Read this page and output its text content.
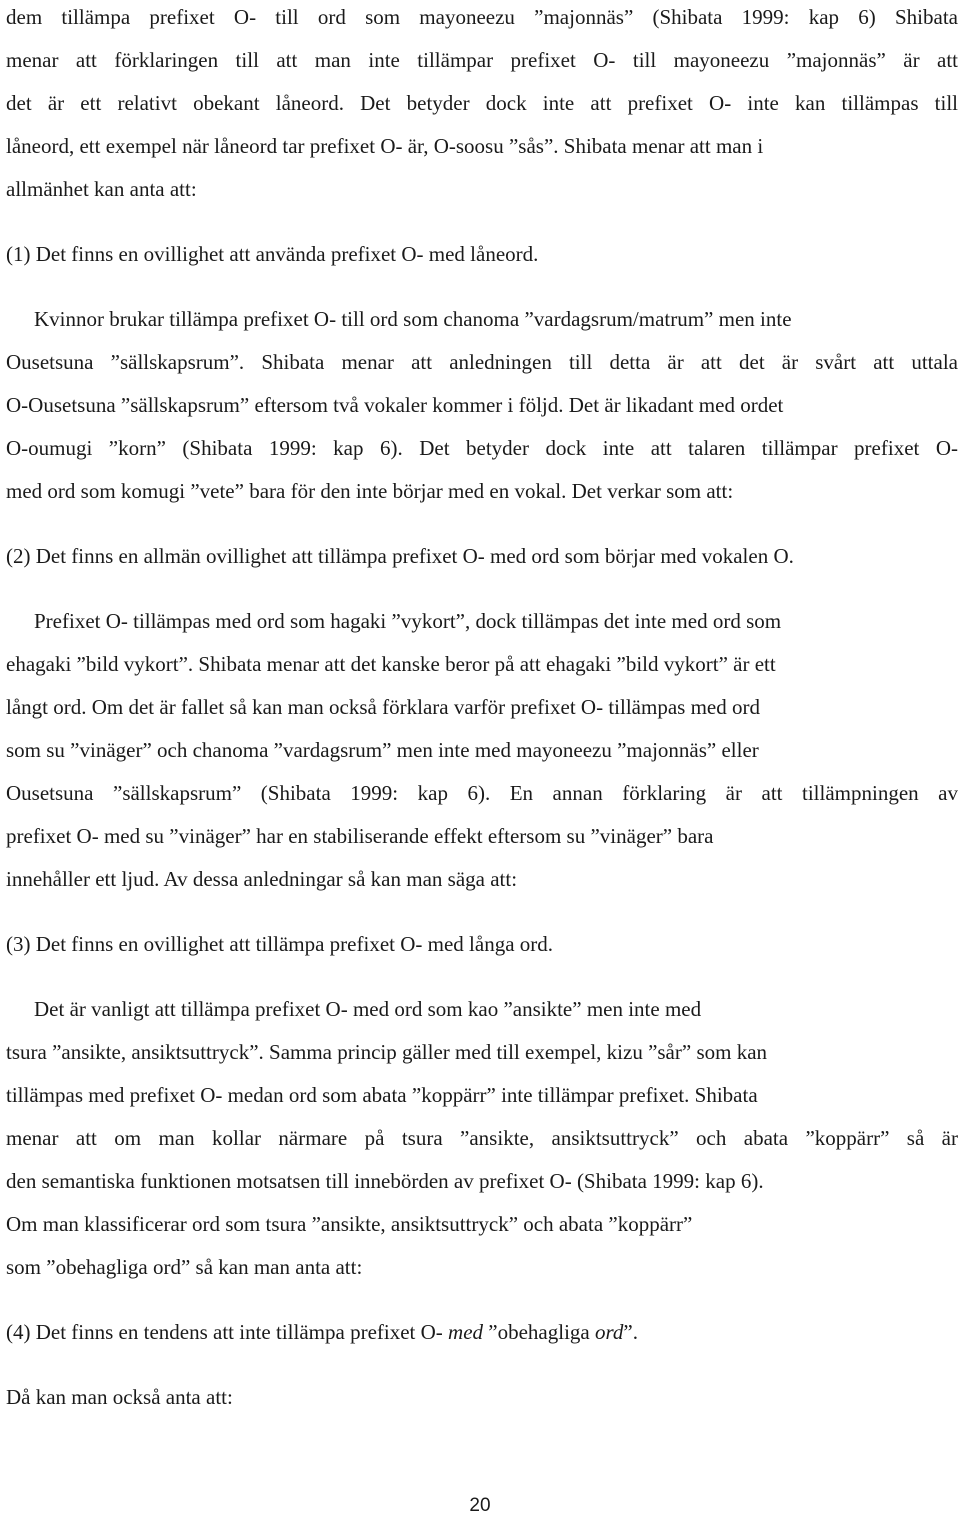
dem tillämpa prefixet O- till ord som mayoneezu ”majonnäs” (Shibata 1999: kap 6) Shibata
menar att förklaringen till att man inte tillämpar prefixet O- till mayoneezu ”majonnäs” är att
det är ett relativt obekant låneord. Det betyder dock inte att prefixet O- inte kan tillämpas till
låneord, ett exempel när låneord tar prefixet O- är, O-soosu ”sås”. Shibata menar att man i
allmänhet kan anta att:
(1) Det finns en ovillighet att använda prefixet O- med låneord.
Kvinnor brukar tillämpa prefixet O- till ord som chanoma ”vardagsrum/matrum” men inte
Ousetsuna ”sällskapsrum”. Shibata menar att anledningen till detta är att det är svårt att uttala
O-Ousetsuna ”sällskapsrum” eftersom två vokaler kommer i följd. Det är likadant med ordet
O-oumugi ”korn” (Shibata 1999: kap 6). Det betyder dock inte att talaren tillämpar prefixet O-
med ord som komugi ”vete” bara för den inte börjar med en vokal. Det verkar som att:
(2) Det finns en allmän ovillighet att tillämpa prefixet O- med ord som börjar med vokalen O.
Prefixet O- tillämpas med ord som hagaki ”vykort”, dock tillämpas det inte med ord som
ehagaki ”bild vykort”. Shibata menar att det kanske beror på att ehagaki ”bild vykort” är ett
långt ord. Om det är fallet så kan man också förklara varför prefixet O- tillämpas med ord
som su ”vinäger” och chanoma ”vardagsrum” men inte med mayoneezu ”majonnäs” eller
Ousetsuna ”sällskapsrum” (Shibata 1999: kap 6). En annan förklaring är att tillämpningen av
prefixet O- med su ”vinäger” har en stabiliserande effekt eftersom su ”vinäger” bara
innehåller ett ljud. Av dessa anledningar så kan man säga att:
(3) Det finns en ovillighet att tillämpa prefixet O- med långa ord.
Det är vanligt att tillämpa prefixet O- med ord som kao ”ansikte” men inte med
tsura ”ansikte, ansiktsuttryck”. Samma princip gäller med till exempel, kizu ”sår” som kan
tillämpas med prefixet O- medan ord som abata ”koppärr” inte tillämpar prefixet. Shibata
menar att om man kollar närmare på tsura ”ansikte, ansiktsuttryck” och abata ”koppärr” så är
den semantiska funktionen motsatsen till innebörden av prefixet O- (Shibata 1999: kap 6).
Om man klassificerar ord som tsura ”ansikte, ansiktsuttryck” och abata ”koppärr”
som ”obehagliga ord” så kan man anta att:
(4) Det finns en tendens att inte tillämpa prefixet O- med ”obehagliga ord”.
Då kan man också anta att:
20
